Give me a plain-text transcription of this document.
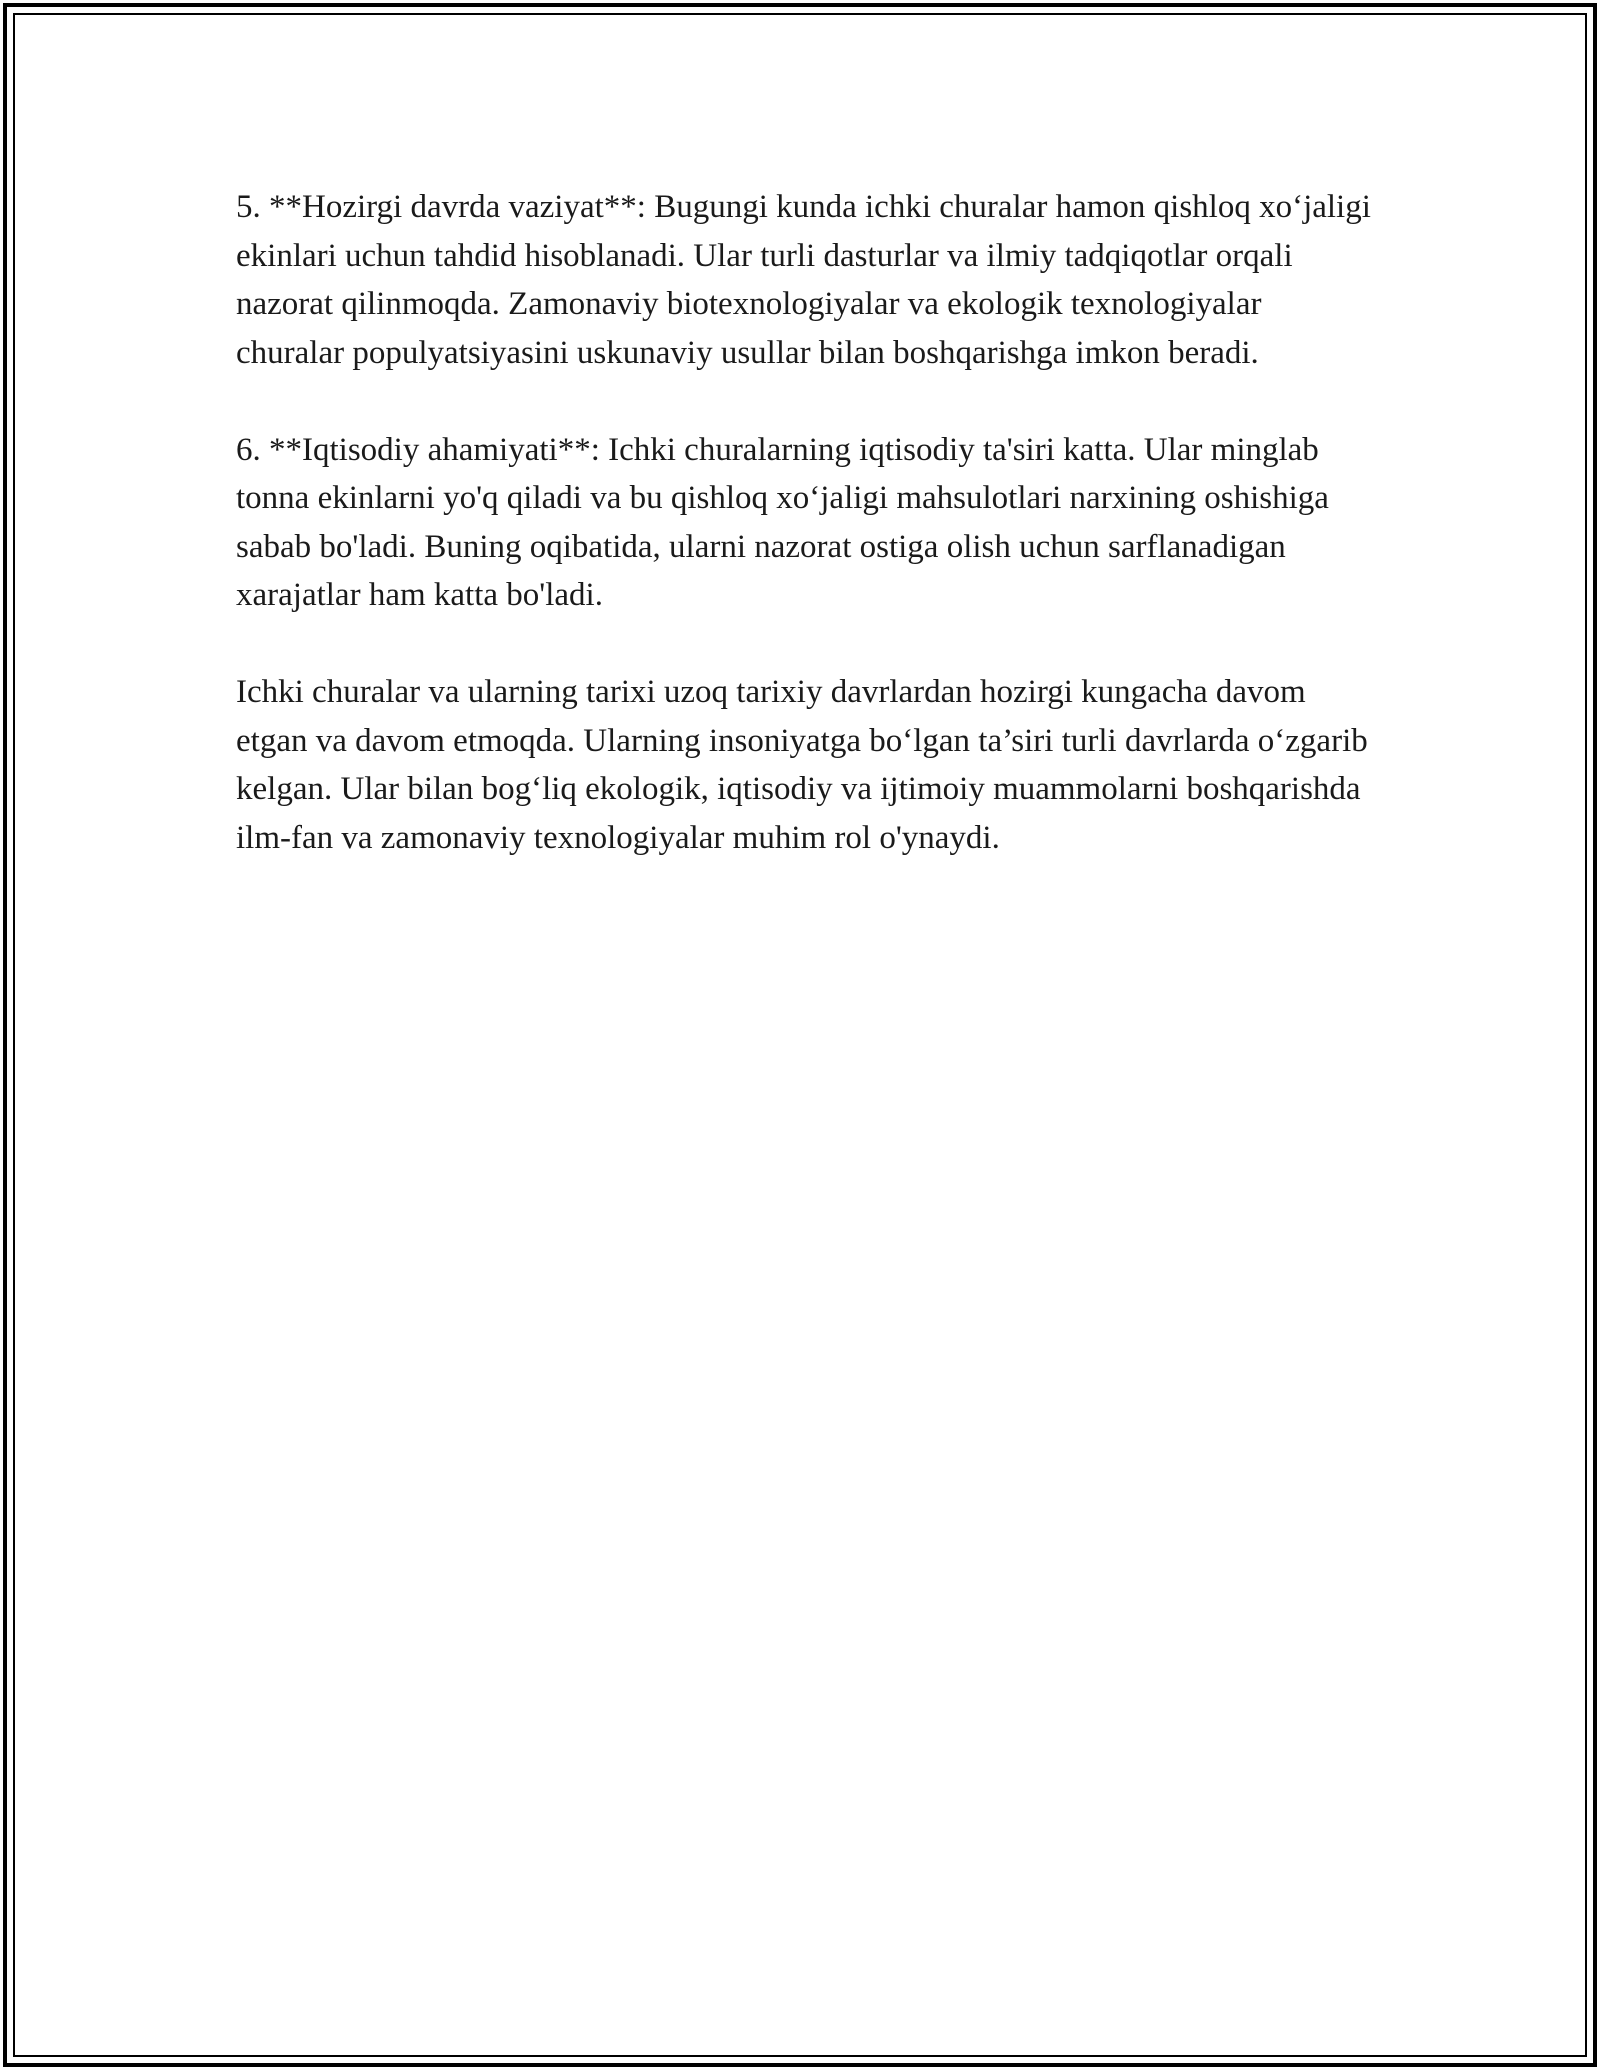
5. **Hozirgi davrda vaziyat**: Bugungi kunda ichki churalar hamon qishloq xo‘jaligi ekinlari uchun tahdid hisoblanadi. Ular turli dasturlar va ilmiy tadqiqotlar orqali nazorat qilinmoqda. Zamonaviy biotexnologiyalar va ekologik texnologiyalar churalar populyatsiyasini uskunaviy usullar bilan boshqarishga imkon beradi.

6. **Iqtisodiy ahamiyati**: Ichki churalarning iqtisodiy ta'siri katta. Ular minglab tonna ekinlarni yo'q qiladi va bu qishloq xo‘jaligi mahsulotlari narxining oshishiga sabab bo'ladi. Buning oqibatida, ularni nazorat ostiga olish uchun sarflanadigan xarajatlar ham katta bo'ladi.

Ichki churalar va ularning tarixi uzoq tarixiy davrlardan hozirgi kungacha davom etgan va davom etmoqda. Ularning insoniyatga bo‘lgan ta’siri turli davrlarda o‘zgarib kelgan. Ular bilan bog‘liq ekologik, iqtisodiy va ijtimoiy muammolarni boshqarishda ilm-fan va zamonaviy texnologiyalar muhim rol o'ynaydi.
